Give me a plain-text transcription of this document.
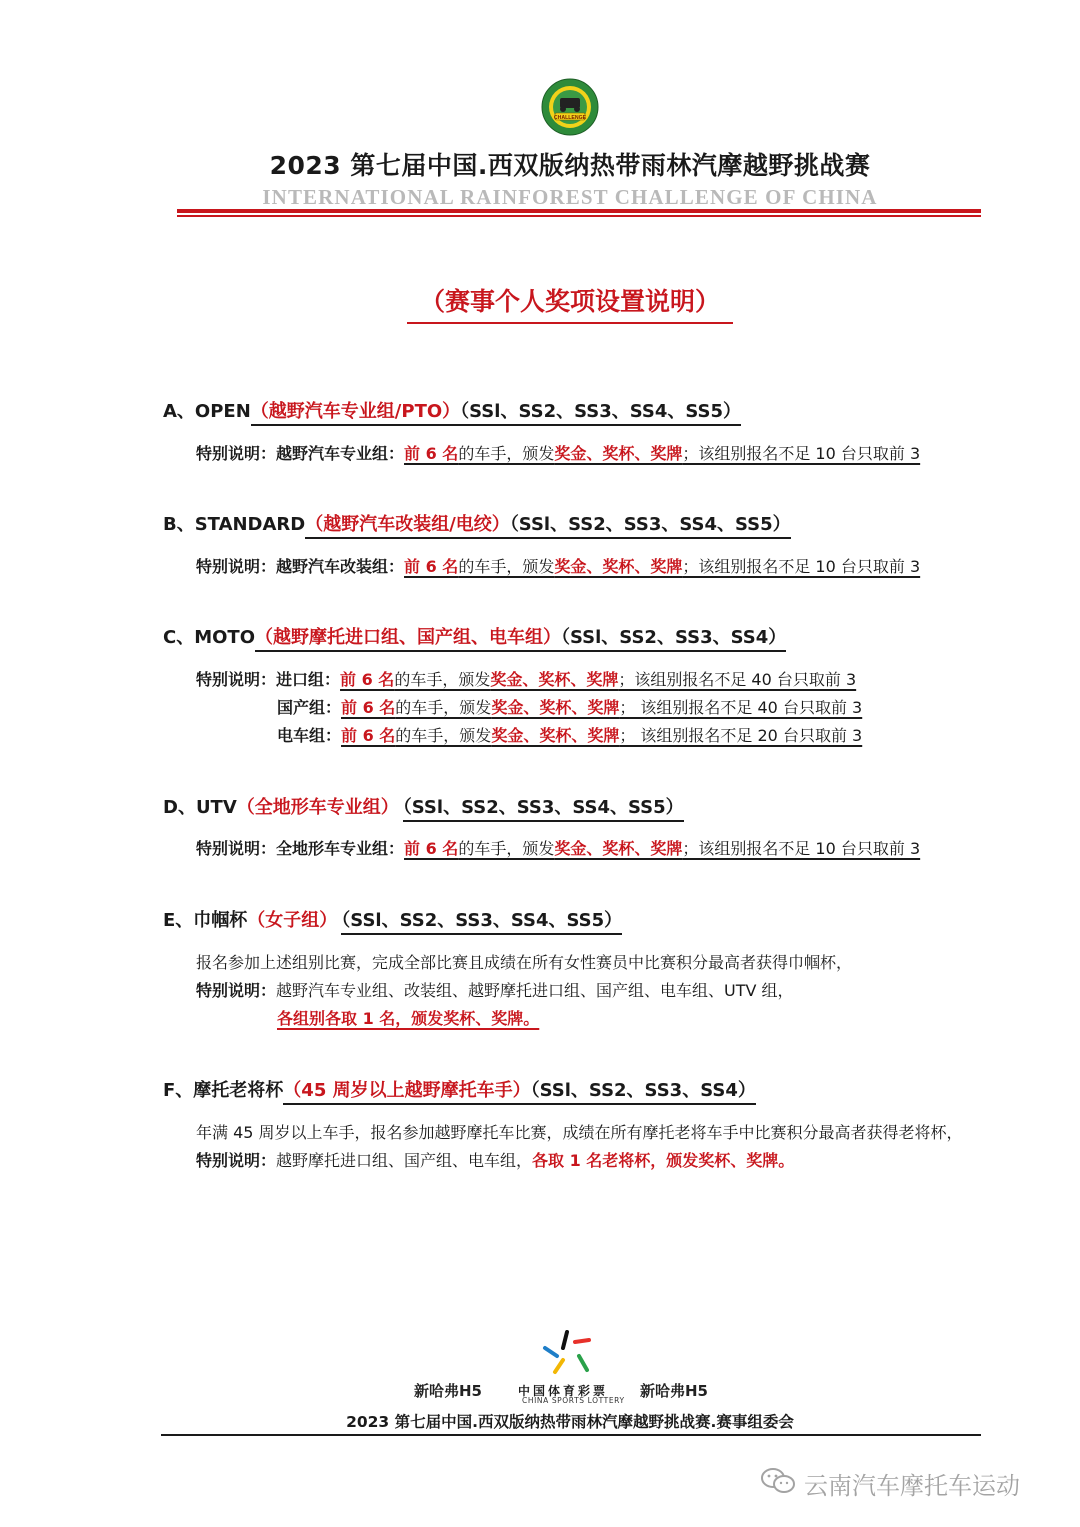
CHALLENGE
2023 第七届中国.西双版纳热带雨林汽摩越野挑战赛
INTERNATIONAL RAINFOREST CHALLENGE OF CHINA
（赛事个人奖项设置说明）
A、OPEN（越野汽车专业组/PTO）（SSl、SS2、SS3、SS4、SS5）
特别说明：越野汽车专业组：前 6 名的车手，颁发奖金、奖杯、奖牌；该组别报名不足 10 台只取前 3
B、STANDARD（越野汽车改装组/电绞）（SSl、SS2、SS3、SS4、SS5）
特别说明：越野汽车改装组：前 6 名的车手，颁发奖金、奖杯、奖牌；该组别报名不足 10 台只取前 3
C、MOTO（越野摩托进口组、国产组、电车组）（SSl、SS2、SS3、SS4）
特别说明：进口组：前 6 名的车手，颁发奖金、奖杯、奖牌；该组别报名不足 40 台只取前 3
国产组：前 6 名的车手，颁发奖金、奖杯、奖牌； 该组别报名不足 40 台只取前 3
电车组：前 6 名的车手，颁发奖金、奖杯、奖牌； 该组别报名不足 20 台只取前 3
D、UTV（全地形车专业组） （SSl、SS2、SS3、SS4、SS5）
特别说明：全地形车专业组：前 6 名的车手，颁发奖金、奖杯、奖牌；该组别报名不足 10 台只取前 3
E、巾帼杯（女子组） （SSl、SS2、SS3、SS4、SS5）
报名参加上述组别比赛，完成全部比赛且成绩在所有女性赛员中比赛积分最高者获得巾帼杯，
特别说明：越野汽车专业组、改装组、越野摩托进口组、国产组、电车组、UTV 组，
各组别各取 1 名，颁发奖杯、奖牌。
F、摩托老将杯（45 周岁以上越野摩托车手）（SSl、SS2、SS3、SS4）
年满 45 周岁以上车手，报名参加越野摩托车比赛，成绩在所有摩托老将车手中比赛积分最高者获得老将杯，
特别说明：越野摩托进口组、国产组、电车组，各取 1 名老将杯，颁发奖杯、奖牌。
新哈弗H5	中国体育彩票
CHINA SPORTS LOTTERY
新哈弗H5
2023 第七届中国.西双版纳热带雨林汽摩越野挑战赛.赛事组委会
云南汽车摩托车运动
